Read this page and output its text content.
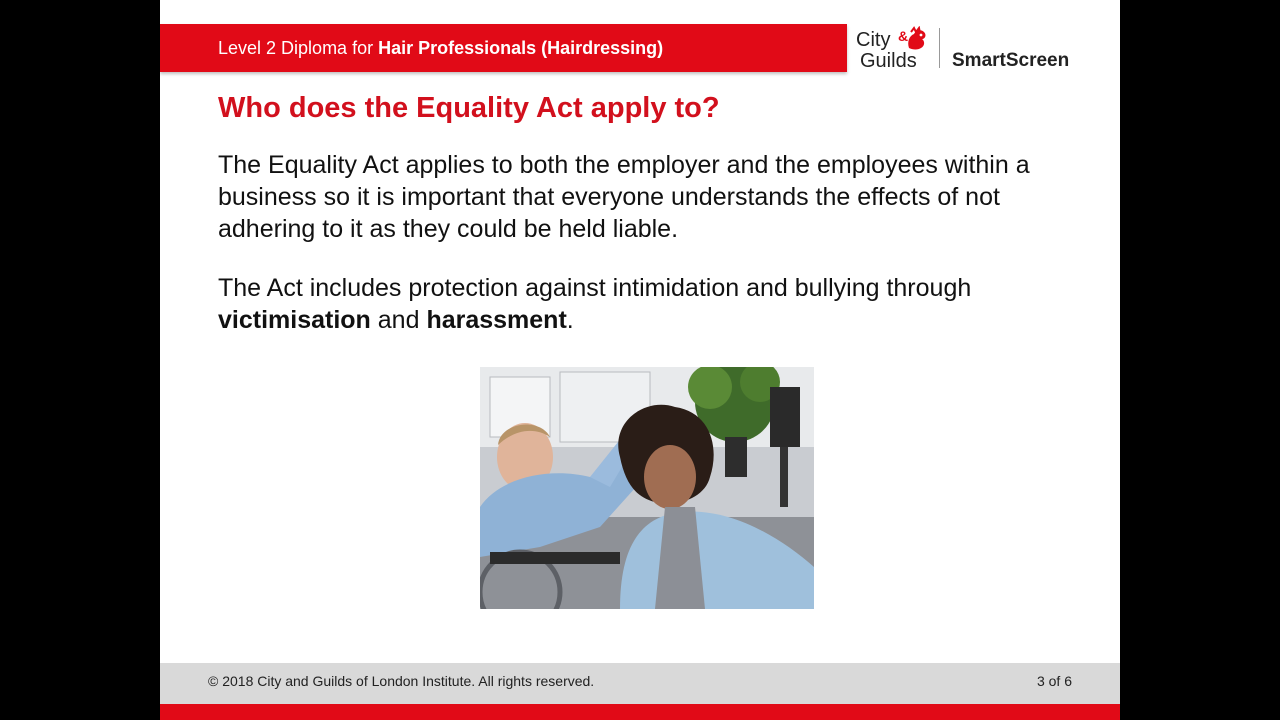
Level 2 Diploma for Hair Professionals (Hairdressing)	City
Guilds
&
SmartScreen
Who does the Equality Act apply to?

The Equality Act applies to both the employer and the employees within a business so it is important that everyone understands the effects of not adhering to it as they could be held liable.

The Act includes protection against intimidation and bullying through victimisation and harassment.

© 2018 City and Guilds of London Institute. All rights reserved.	3 of 6
